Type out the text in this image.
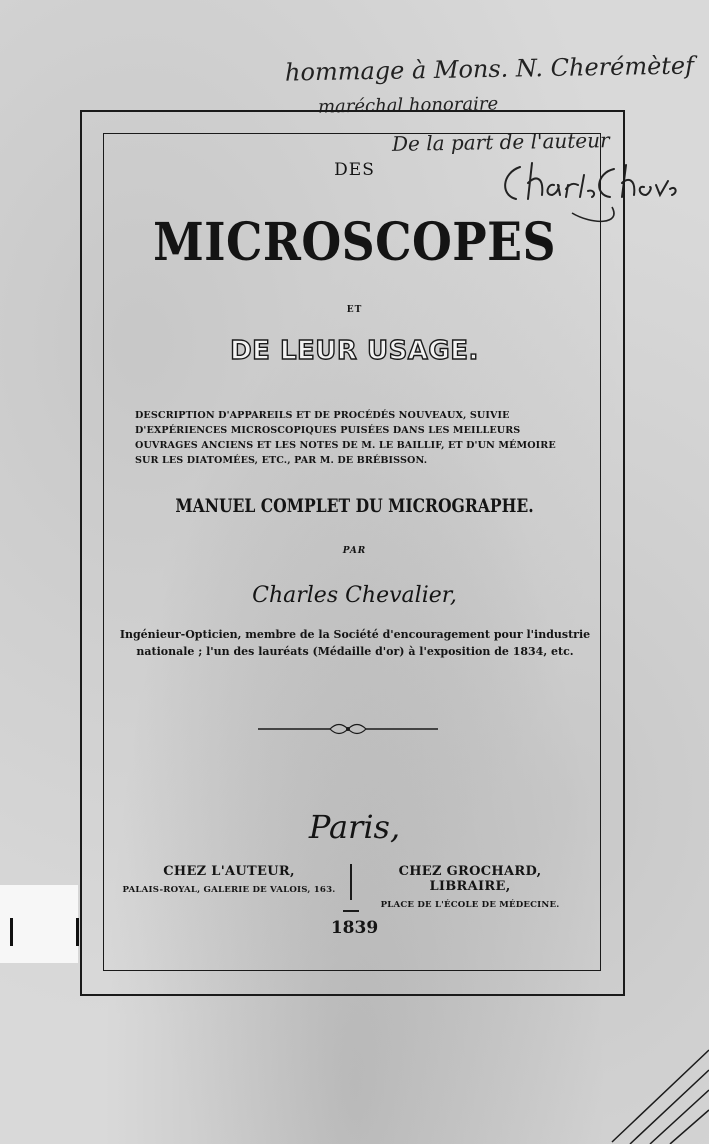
hommage à Mons. N. Cherémètef
maréchal honoraire
De la part de l'auteur
DES
MICROSCOPES
ET
DE LEUR USAGE.
DESCRIPTION D'APPAREILS ET DE PROCÉDÉS NOUVEAUX, SUIVIE D'EXPÉRIENCES MICROSCOPIQUES PUISÉES DANS LES MEILLEURS OUVRAGES ANCIENS ET LES NOTES DE M. LE BAILLIF, ET D'UN MÉMOIRE SUR LES DIATOMÉES, ETC., PAR M. DE BRÉBISSON.
MANUEL COMPLET DU MICROGRAPHE.
PAR
Charles Chevalier,
Ingénieur-Opticien, membre de la Société d'encouragement pour l'industrie nationale ; l'un des lauréats (Médaille d'or) à l'exposition de 1834, etc.
Paris,
CHEZ L'AUTEUR,
PALAIS-ROYAL, GALERIE DE VALOIS, 163.
CHEZ GROCHARD, LIBRAIRE,
PLACE DE L'ÉCOLE DE MÉDECINE.
1839
